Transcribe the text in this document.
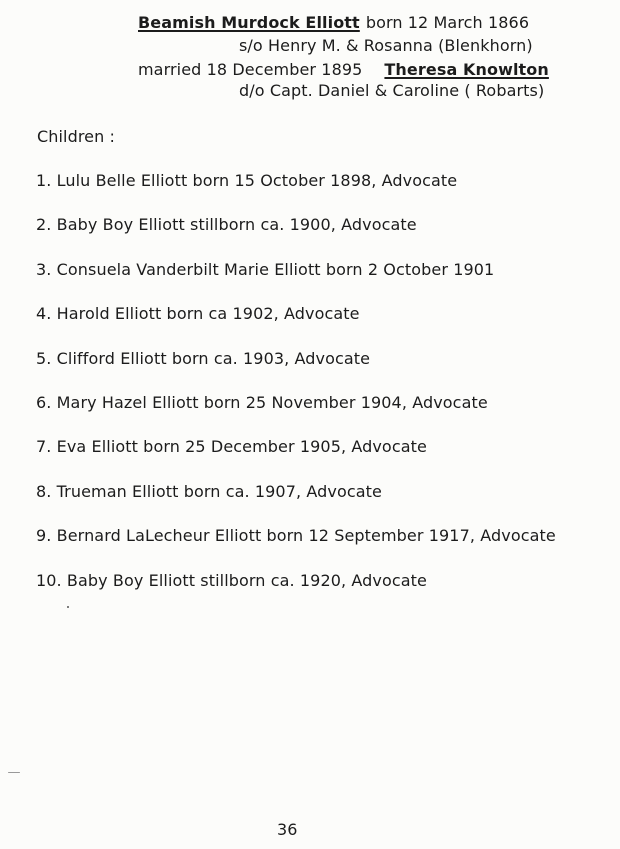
Beamish Murdock Elliott born 12 March 1866
s/o Henry M. & Rosanna (Blenkhorn)
married 18 December 1895 Theresa Knowlton
d/o Capt. Daniel & Caroline ( Robarts)
Children :
1. Lulu Belle Elliott born 15 October 1898, Advocate
2. Baby Boy Elliott stillborn ca. 1900, Advocate
3. Consuela Vanderbilt Marie Elliott born 2 October 1901
4. Harold Elliott born ca 1902, Advocate
5. Clifford Elliott born ca. 1903, Advocate
6. Mary Hazel Elliott born 25 November 1904, Advocate
7. Eva Elliott born 25 December 1905, Advocate
8. Trueman Elliott born ca. 1907, Advocate
9. Bernard LaLecheur Elliott born 12 September 1917, Advocate
10. Baby Boy Elliott stillborn ca. 1920, Advocate
36
